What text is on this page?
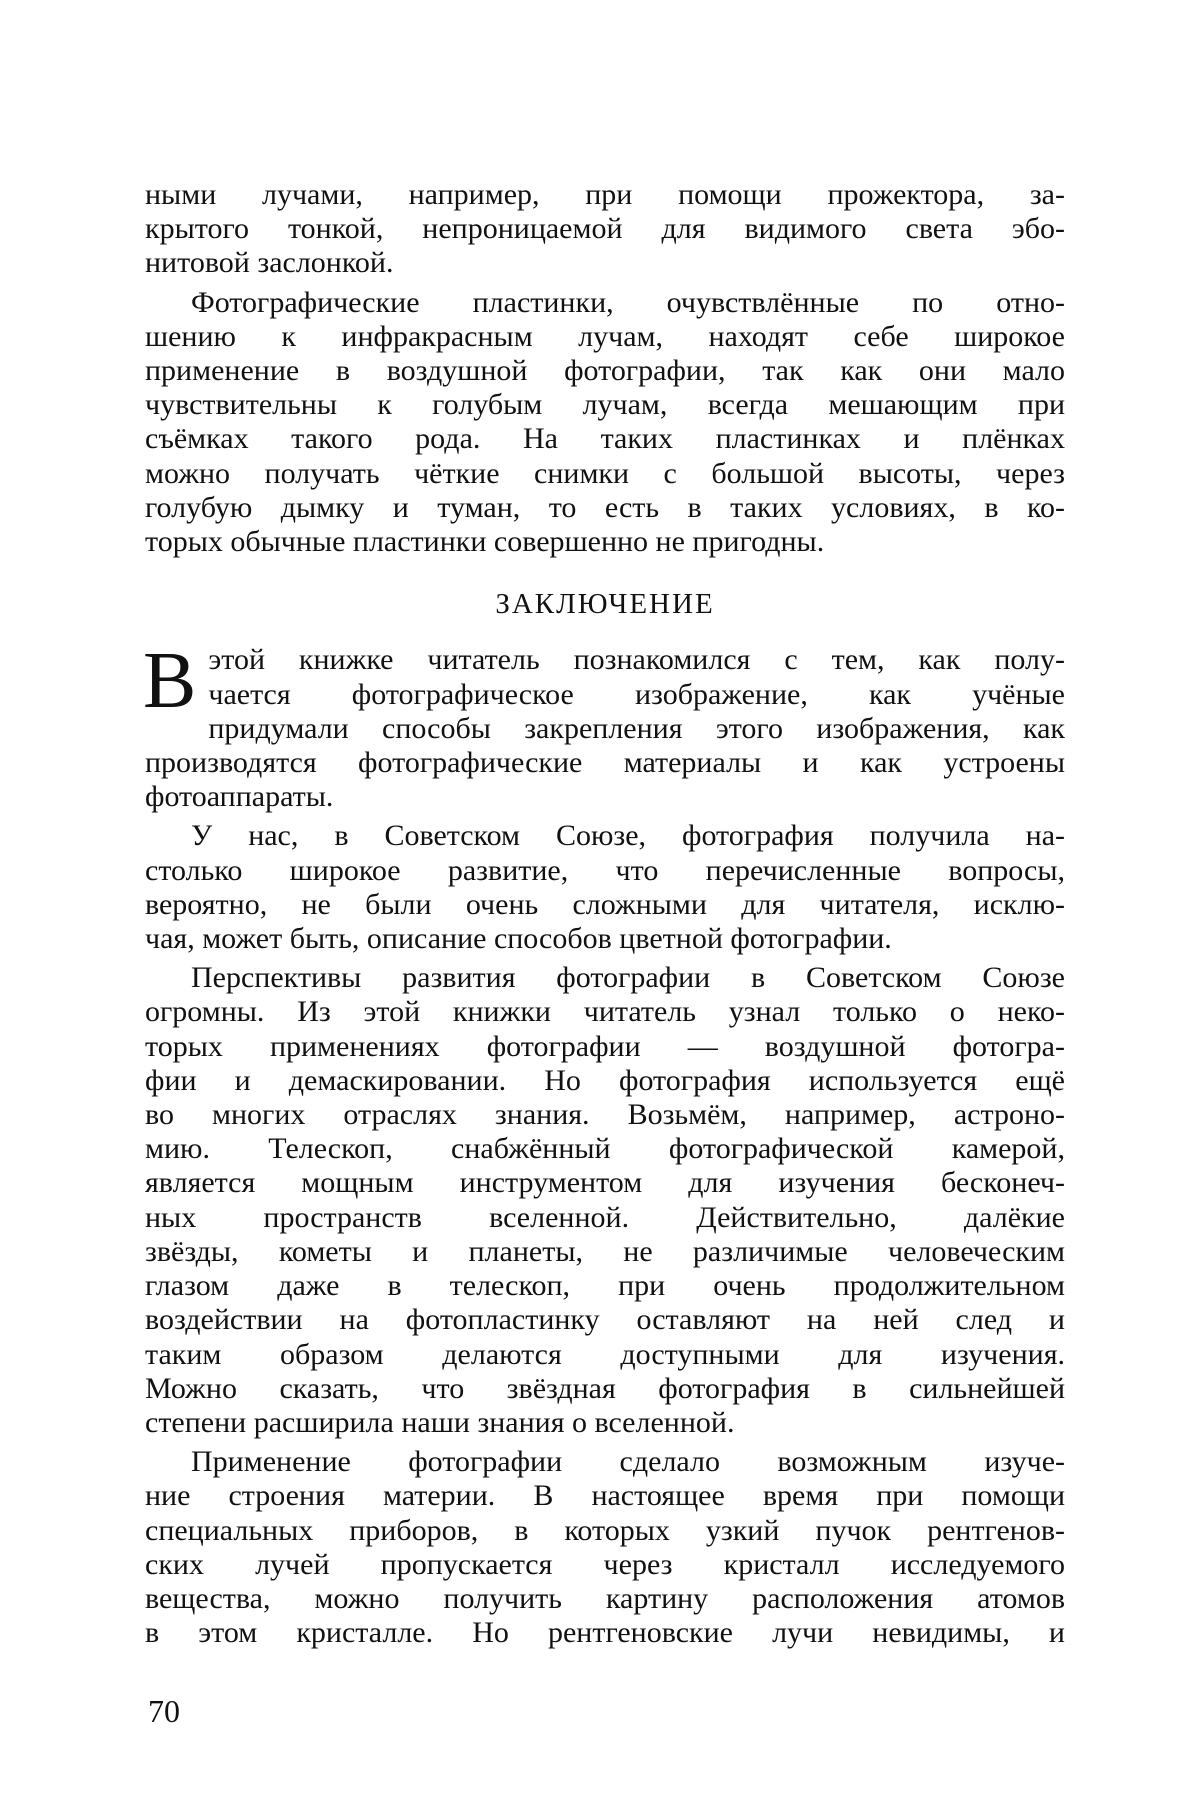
ными лучами, например, при помощи прожектора, за-
крытого тонкой, непроницаемой для видимого света эбо-
нитовой заслонкой.

Фотографические пластинки, очувствлённые по отно-
шению к инфракрасным лучам, находят себе широкое
применение в воздушной фотографии, так как они мало
чувствительны к голубым лучам, всегда мешающим при
съёмках такого рода. На таких пластинках и плёнках
можно получать чёткие снимки с большой высоты, через
голубую дымку и туман, то есть в таких условиях, в ко-
торых обычные пластинки совершенно не пригодны.

ЗАКЛЮЧЕНИЕ

В этой книжке читатель познакомился с тем, как полу-
чается фотографическое изображение, как учёные
придумали способы закрепления этого изображения, как
производятся фотографические материалы и как устроены
фотоаппараты.

У нас, в Советском Союзе, фотография получила на-
столько широкое развитие, что перечисленные вопросы,
вероятно, не были очень сложными для читателя, исклю-
чая, может быть, описание способов цветной фотографии.

Перспективы развития фотографии в Советском Союзе
огромны. Из этой книжки читатель узнал только о неко-
торых применениях фотографии — воздушной фотогра-
фии и демаскировании. Но фотография используется ещё
во многих отраслях знания. Возьмём, например, астроно-
мию. Телескоп, снабжённый фотографической камерой,
является мощным инструментом для изучения бесконеч-
ных пространств вселенной. Действительно, далёкие
звёзды, кометы и планеты, не различимые человеческим
глазом даже в телескоп, при очень продолжительном
воздействии на фотопластинку оставляют на ней след и
таким образом делаются доступными для изучения.
Можно сказать, что звёздная фотография в сильнейшей
степени расширила наши знания о вселенной.

Применение фотографии сделало возможным изуче-
ние строения материи. В настоящее время при помощи
специальных приборов, в которых узкий пучок рентгенов-
ских лучей пропускается через кристалл исследуемого
вещества, можно получить картину расположения атомов
в этом кристалле. Но рентгеновские лучи невидимы, и

70
